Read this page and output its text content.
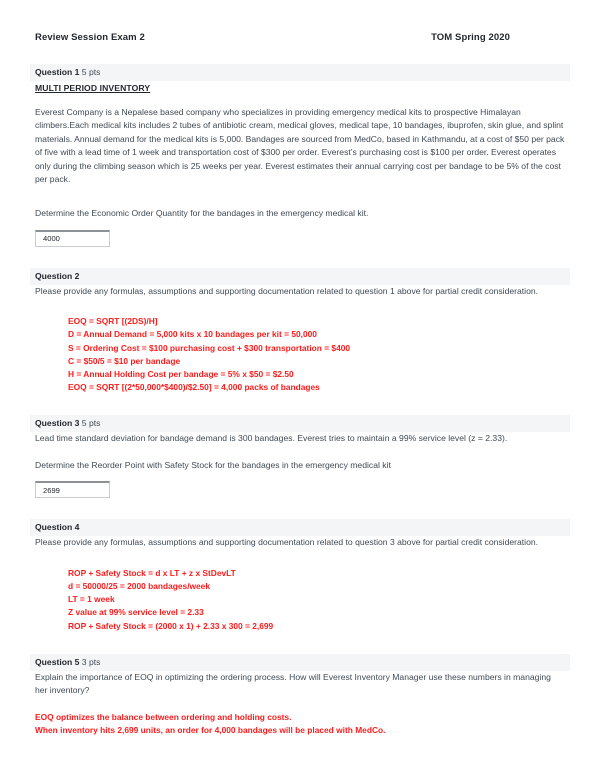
Review Session Exam 2	TOM Spring 2020
Question 1 5 pts
MULTI PERIOD INVENTORY

Everest Company is a Nepalese based company who specializes in providing emergency medical kits to prospective Himalayan climbers.Each medical kits includes 2 tubes of antibiotic cream, medical gloves, medical tape, 10 bandages, ibuprofen, skin glue, and splint materials. Annual demand for the medical kits is 5,000. Bandages are sourced from MedCo, based in Kathmandu, at a cost of $50 per pack of five with a lead time of 1 week and transportation cost of $300 per order. Everest’s purchasing cost is $100 per order. Everest operates only during the climbing season which is 25 weeks per year. Everest estimates their annual carrying cost per bandage to be 5% of the cost per pack.

Determine the Economic Order Quantity for the bandages in the emergency medical kit.

4000
Question 2

Please provide any formulas, assumptions and supporting documentation related to question 1 above for partial credit consideration.

EOQ = SQRT [(2DS)/H]
D = Annual Demand = 5,000 kits x 10 bandages per kit = 50,000
S = Ordering Cost = $100 purchasing cost + $300 transportation = $400
C = $50/5 = $10 per bandage
H = Annual Holding Cost per bandage = 5% x $50 = $2.50
EOQ = SQRT [(2*50,000*$400)/$2.50] = 4,000 packs of bandages
Question 3 5 pts

Lead time standard deviation for bandage demand is 300 bandages. Everest tries to maintain a 99% service level (z = 2.33).

Determine the Reorder Point with Safety Stock for the bandages in the emergency medical kit

2699
Question 4

Please provide any formulas, assumptions and supporting documentation related to question 3 above for partial credit consideration.

ROP + Safety Stock = d x LT + z x StDevLT
d = 50000/25 = 2000 bandages/week
LT = 1 week
Z value at 99% service level = 2.33
ROP + Safety Stock = (2000 x 1) + 2.33 x 300 = 2,699
Question 5 3 pts

Explain the importance of EOQ in optimizing the ordering process. How will Everest Inventory Manager use these numbers in managing her inventory?

EOQ optimizes the balance between ordering and holding costs.
When inventory hits 2,699 units, an order for 4,000 bandages will be placed with MedCo.
